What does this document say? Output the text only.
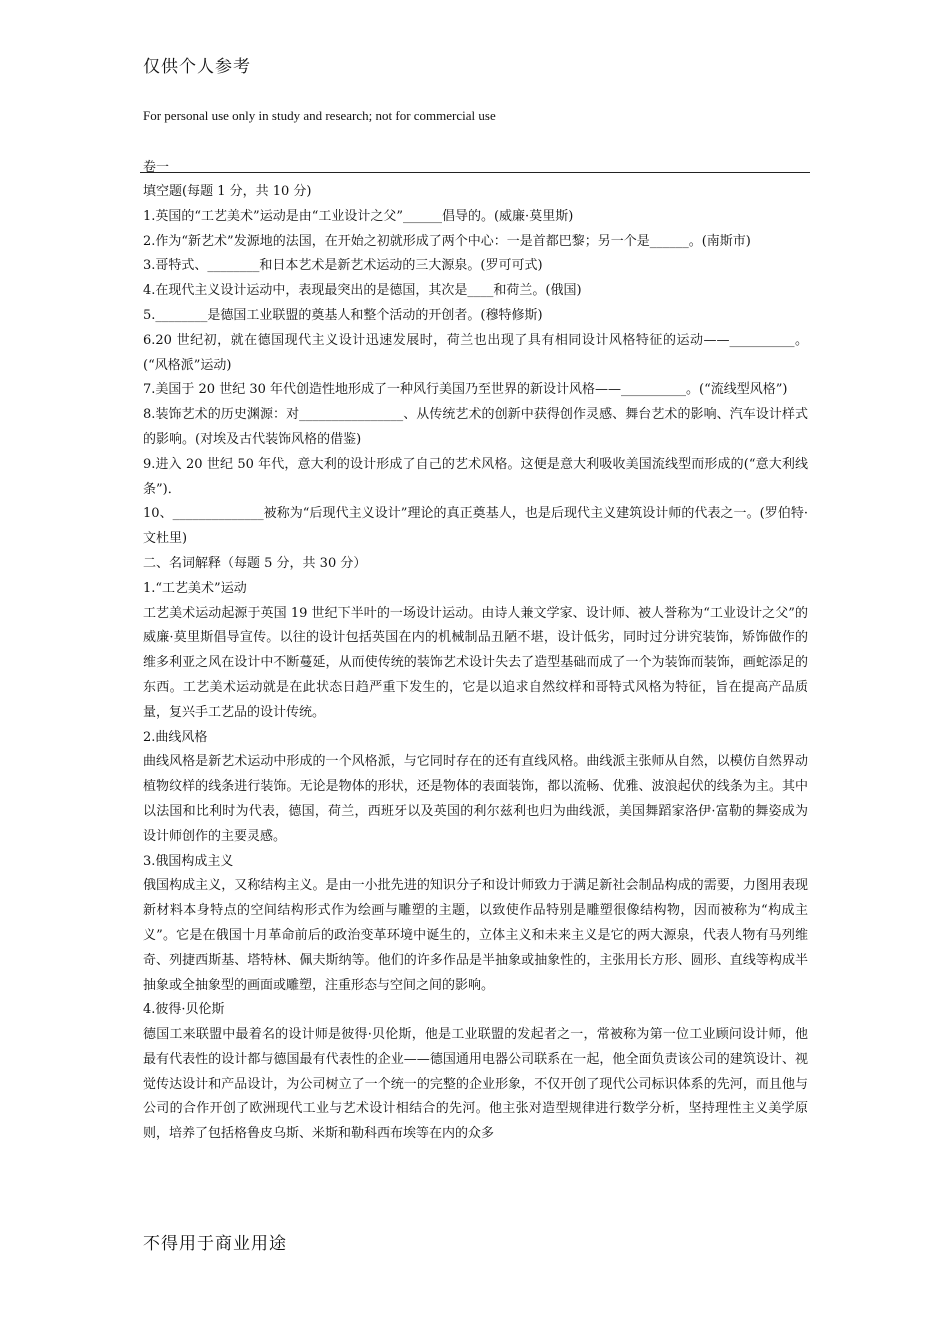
仅供个人参考
For personal use only in study and research; not for commercial use
卷一

填空题(每题 1 分，共 10 分)

1.英国的“工艺美术”运动是由“工业设计之父”______倡导的。(威廉·莫里斯)

2.作为“新艺术”发源地的法国，在开始之初就形成了两个中心：一是首都巴黎；另一个是______。(南斯市)

3.哥特式、________和日本艺术是新艺术运动的三大源泉。(罗可可式)

4.在现代主义设计运动中，表现最突出的是德国，其次是____和荷兰。(俄国)

5.________是德国工业联盟的奠基人和整个活动的开创者。(穆特修斯)

6.20 世纪初，就在德国现代主义设计迅速发展时，荷兰也出现了具有相同设计风格特征的运动——__________。(“风格派”运动)

7.美国于 20 世纪 30 年代创造性地形成了一种风行美国乃至世界的新设计风格——__________。(“流线型风格”)

8.装饰艺术的历史渊源：对________________、从传统艺术的创新中获得创作灵感、舞台艺术的影响、汽车设计样式的影响。(对埃及古代装饰风格的借鉴)

9.进入 20 世纪 50 年代，意大利的设计形成了自己的艺术风格。这便是意大利吸收美国流线型而形成的(“意大利线条”)．

10、______________被称为“后现代主义设计”理论的真正奠基人，也是后现代主义建筑设计师的代表之一。(罗伯特·文杜里)

二、名词解释（每题 5 分，共 30 分）

1.“工艺美术”运动

工艺美术运动起源于英国 19 世纪下半叶的一场设计运动。由诗人兼文学家、设计师、被人誉称为“工业设计之父”的威廉·莫里斯倡导宣传。以往的设计包括英国在内的机械制品丑陋不堪，设计低劣，同时过分讲究装饰，矫饰做作的维多利亚之风在设计中不断蔓延，从而使传统的装饰艺术设计失去了造型基础而成了一个为装饰而装饰，画蛇添足的东西。工艺美术运动就是在此状态日趋严重下发生的，它是以追求自然纹样和哥特式风格为特征，旨在提高产品质量，复兴手工艺品的设计传统。

2.曲线风格

曲线风格是新艺术运动中形成的一个风格派，与它同时存在的还有直线风格。曲线派主张师从自然，以模仿自然界动植物纹样的线条进行装饰。无论是物体的形状，还是物体的表面装饰，都以流畅、优雅、波浪起伏的线条为主。其中以法国和比利时为代表，德国，荷兰，西班牙以及英国的利尔兹利也归为曲线派，美国舞蹈家洛伊·富勒的舞姿成为设计师创作的主要灵感。

3.俄国构成主义

俄国构成主义，又称结构主义。是由一小批先进的知识分子和设计师致力于满足新社会制品构成的需要，力图用表现新材料本身特点的空间结构形式作为绘画与雕塑的主题，以致使作品特别是雕塑很像结构物，因而被称为“构成主义”。它是在俄国十月革命前后的政治变革环境中诞生的，立体主义和未来主义是它的两大源泉，代表人物有马列维奇、列捷西斯基、塔特林、佩夫斯纳等。他们的许多作品是半抽象或抽象性的，主张用长方形、圆形、直线等构成半抽象或全抽象型的画面或雕塑，注重形态与空间之间的影响。

4.彼得·贝伦斯

德国工来联盟中最着名的设计师是彼得·贝伦斯，他是工业联盟的发起者之一，常被称为第一位工业顾问设计师，他最有代表性的设计都与德国最有代表性的企业——德国通用电器公司联系在一起，他全面负责该公司的建筑设计、视觉传达设计和产品设计，为公司树立了一个统一的完整的企业形象，不仅开创了现代公司标识体系的先河，而且他与公司的合作开创了欧洲现代工业与艺术设计相结合的先河。他主张对造型规律进行数学分析，坚持理性主义美学原则，培养了包括格鲁皮乌斯、米斯和勒科西布埃等在内的众多

不得用于商业用途
